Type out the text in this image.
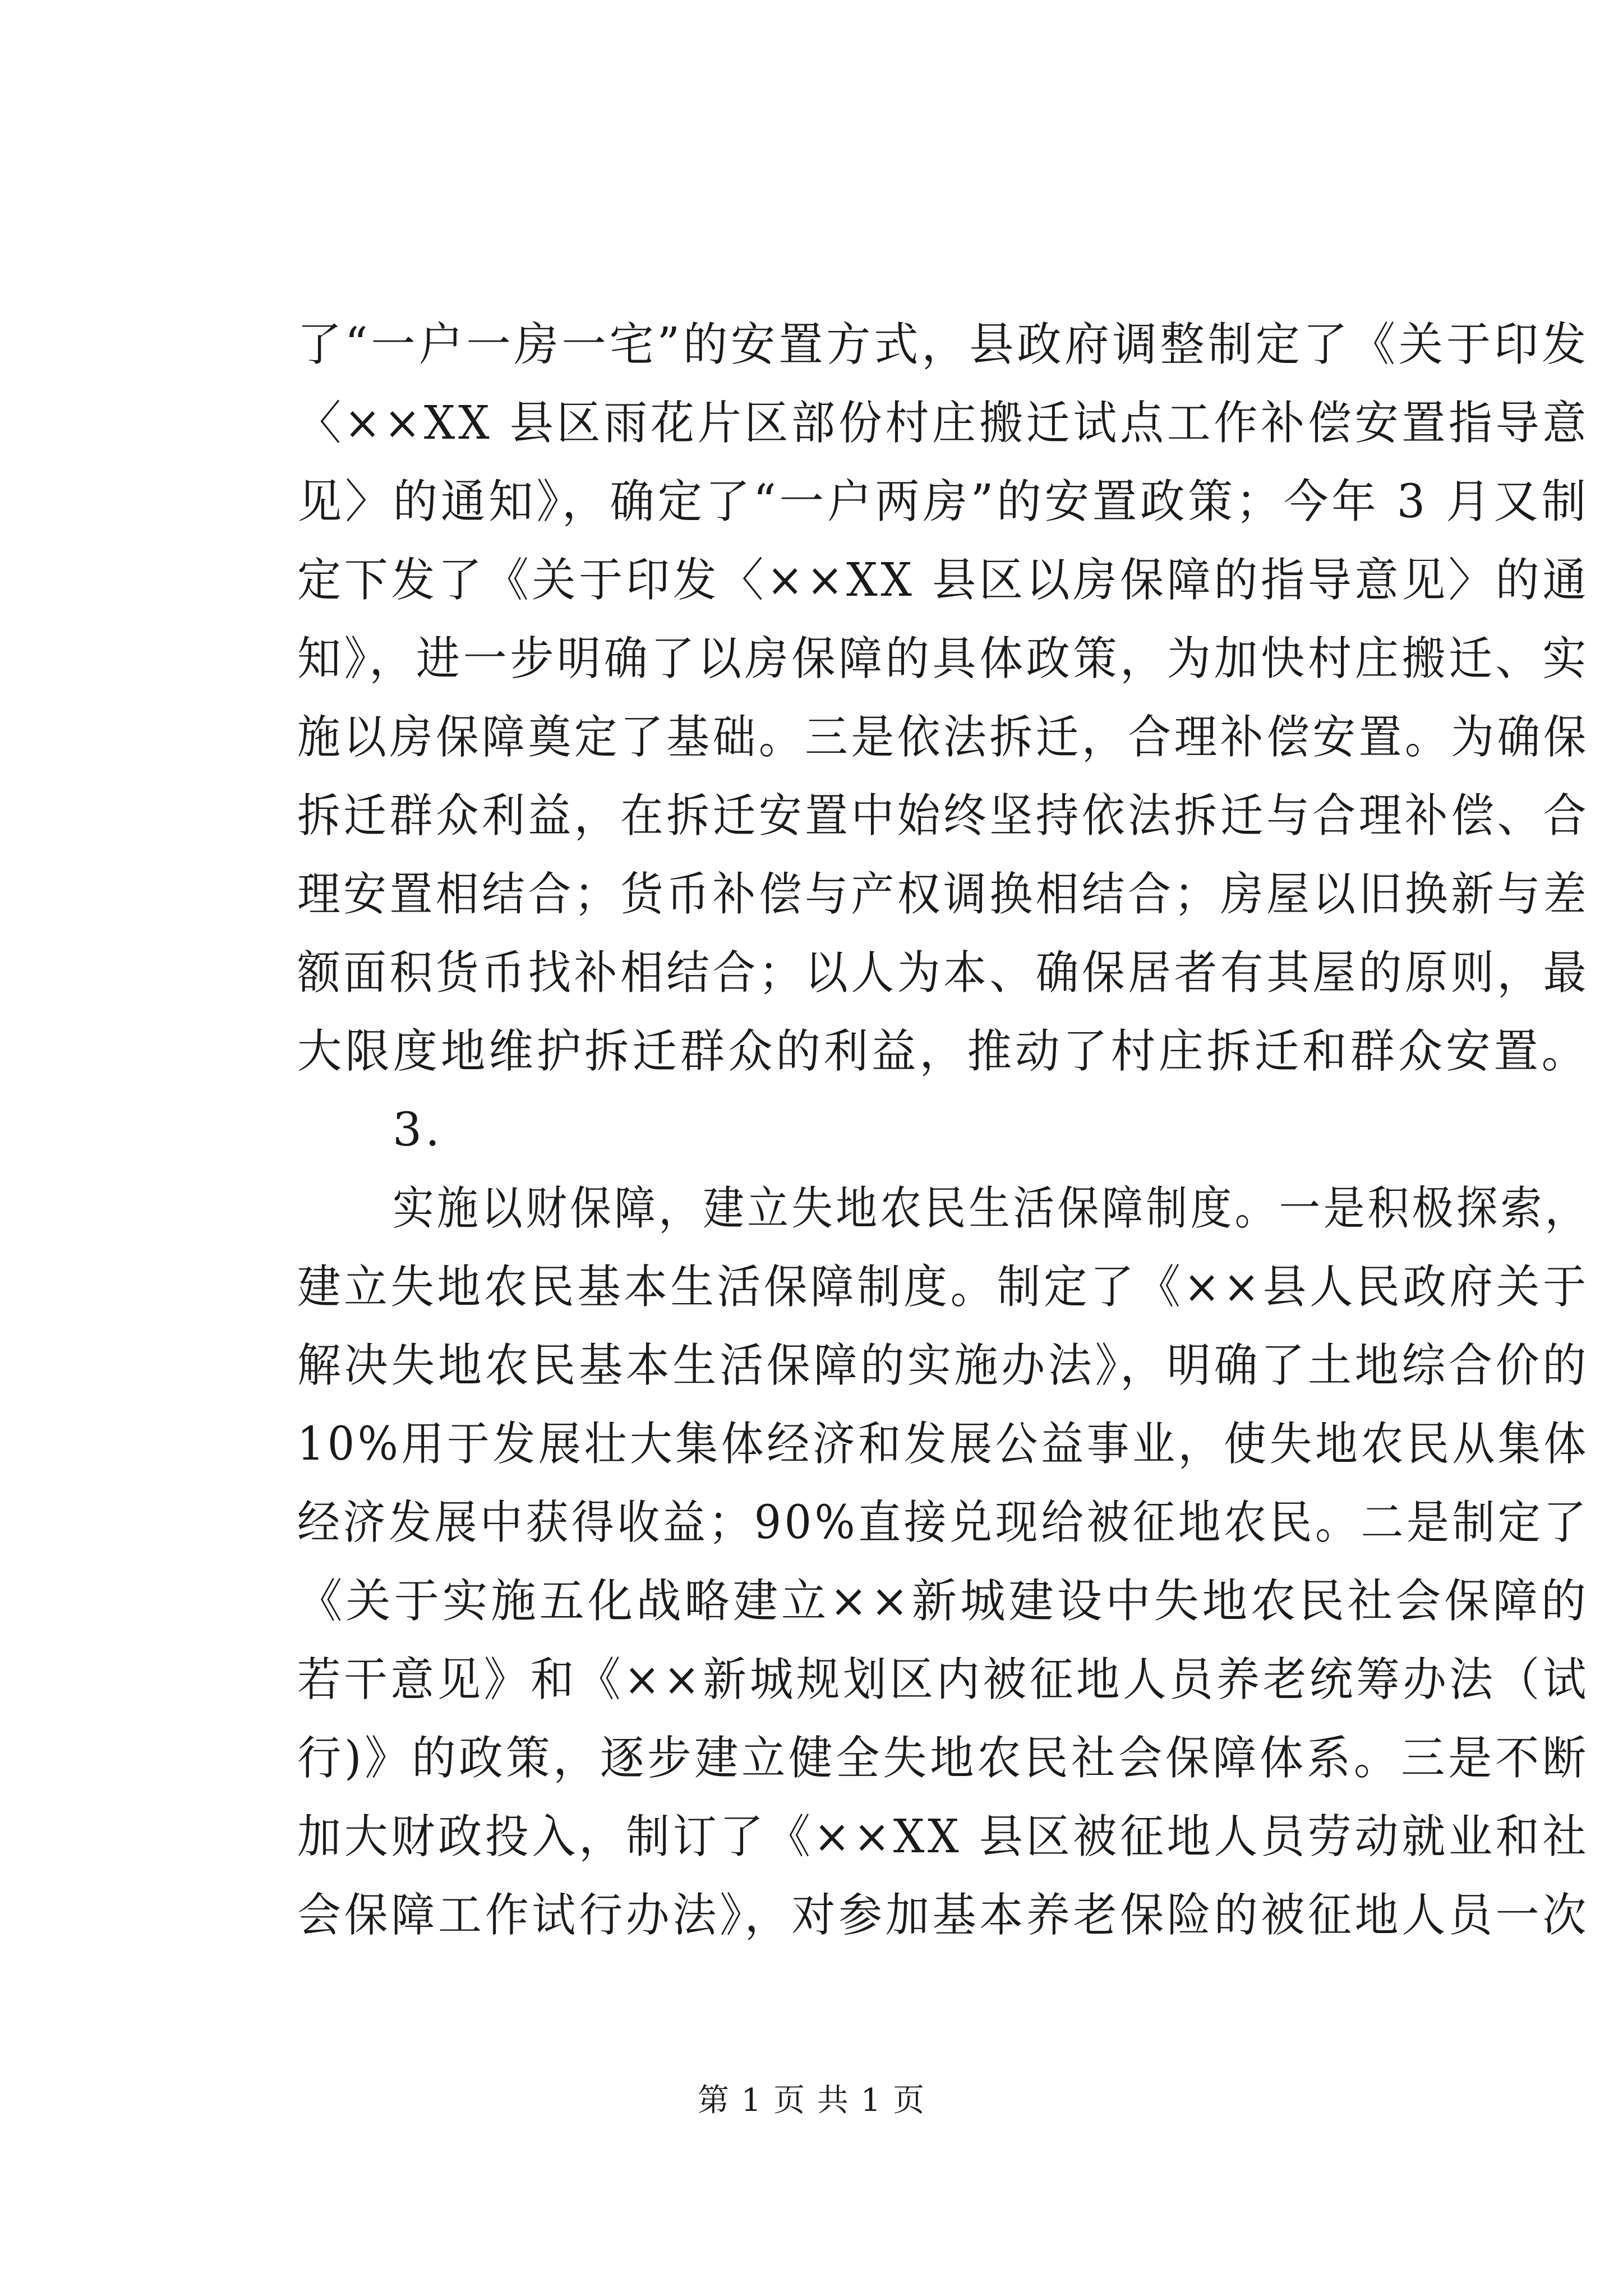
了“一户一房一宅”的安置方式，县政府调整制定了《关于印发
〈××XX 县区雨花片区部份村庄搬迁试点工作补偿安置指导意
见〉的通知》，确定了“一户两房”的安置政策；今年 3 月又制
定下发了《关于印发〈××XX 县区以房保障的指导意见〉的通
知》，进一步明确了以房保障的具体政策，为加快村庄搬迁、实
施以房保障奠定了基础。三是依法拆迁，合理补偿安置。为确保
拆迁群众利益，在拆迁安置中始终坚持依法拆迁与合理补偿、合
理安置相结合；货币补偿与产权调换相结合；房屋以旧换新与差
额面积货币找补相结合；以人为本、确保居者有其屋的原则，最
大限度地维护拆迁群众的利益，推动了村庄拆迁和群众安置。
3.
实施以财保障，建立失地农民生活保障制度。一是积极探索，
建立失地农民基本生活保障制度。制定了《××县人民政府关于
解决失地农民基本生活保障的实施办法》，明确了土地综合价的
10%用于发展壮大集体经济和发展公益事业，使失地农民从集体
经济发展中获得收益；90%直接兑现给被征地农民。二是制定了
《关于实施五化战略建立××新城建设中失地农民社会保障的
若干意见》和《××新城规划区内被征地人员养老统筹办法（试
行)》的政策，逐步建立健全失地农民社会保障体系。三是不断
加大财政投入，制订了《××XX 县区被征地人员劳动就业和社
会保障工作试行办法》，对参加基本养老保险的被征地人员一次
第 1 页 共 1 页
